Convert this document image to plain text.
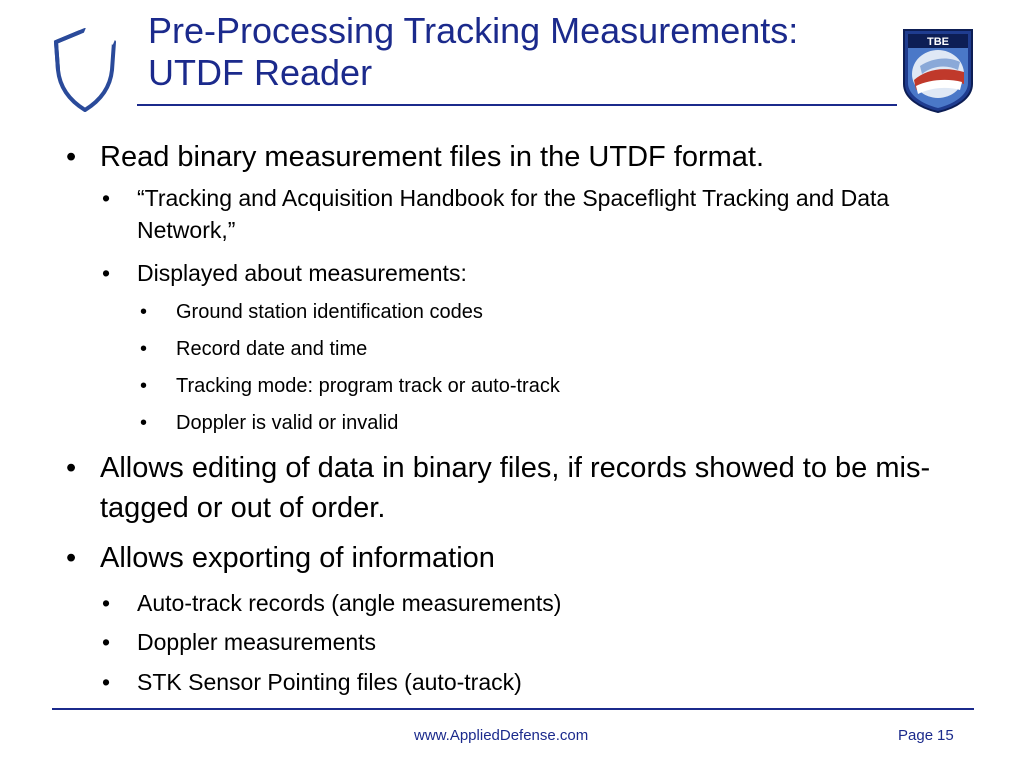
Pre-Processing Tracking Measurements:
UTDF Reader
TBE
• Read binary measurement files in the UTDF format.
• “Tracking and Acquisition Handbook for the Spaceflight Tracking and Data Network,”
• Displayed about measurements:
• Ground station identification codes
• Record date and time
• Tracking mode: program track or auto-track
• Doppler is valid or invalid
• Allows editing of data in binary files, if records showed to be mis-tagged or out of order.
• Allows exporting of information
• Auto-track records (angle measurements)
• Doppler measurements
• STK Sensor Pointing files (auto-track)
www.AppliedDefense.com	Page 15
